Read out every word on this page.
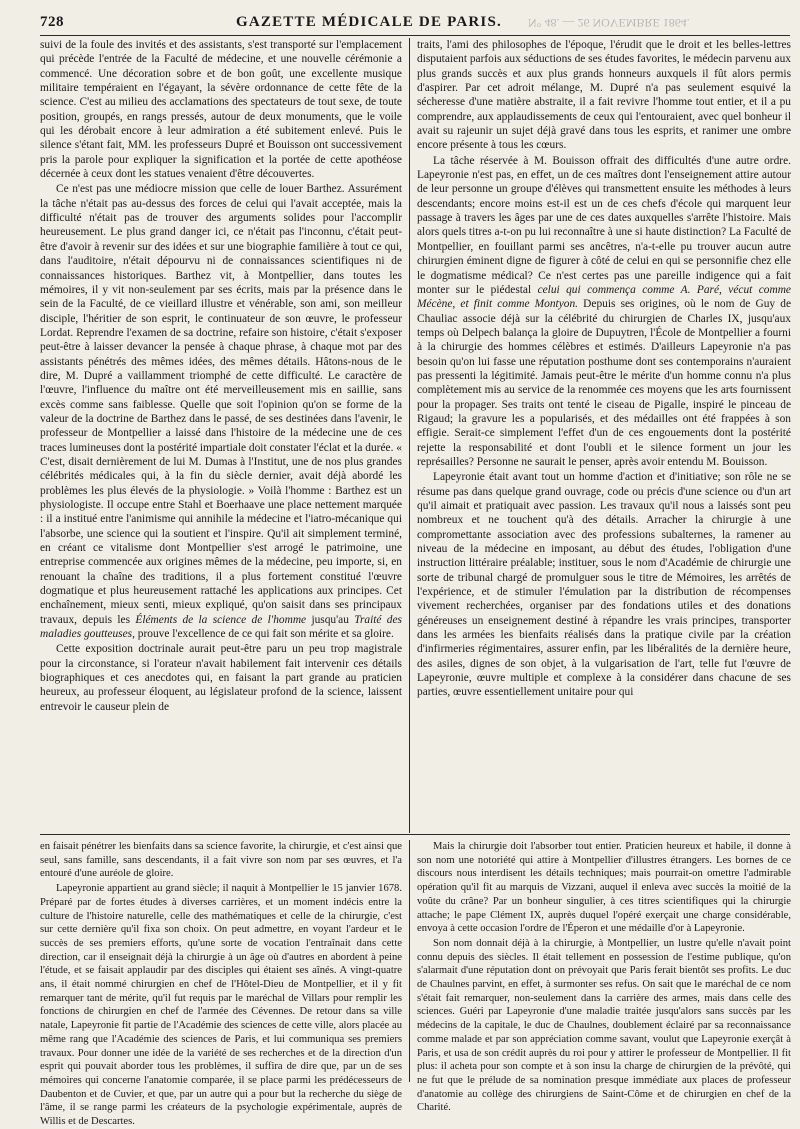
728	GAZETTE MÉDICALE DE PARIS. N° 48. — 26 NOVEMBRE 1864.

suivi de la foule des invités et des assistants, s'est transporté sur l'emplacement qui précède l'entrée de la Faculté de médecine, et une nouvelle cérémonie a commencé. Une décoration sobre et de bon goût, une excellente musique militaire tempéraient en l'égayant, la sévère ordonnance de cette fête de la science. C'est au milieu des acclamations des spectateurs de tout sexe, de toute position, groupés, en rangs pressés, autour de deux monuments, que le voile qui les dérobait encore à leur admiration a été subitement enlevé. Puis le silence s'étant fait, MM. les professeurs Dupré et Bouisson ont successivement pris la parole pour expliquer la signification et la portée de cette apothéose décernée à ceux dont les statues venaient d'être découvertes.

Ce n'est pas une médiocre mission que celle de louer Barthez. Assurément la tâche n'était pas au-dessus des forces de celui qui l'avait acceptée, mais la difficulté n'était pas de trouver des arguments solides pour l'accomplir heureusement. Le plus grand danger ici, ce n'était pas l'inconnu, c'était peut-être d'avoir à revenir sur des idées et sur une biographie familière à tout ce qui, dans l'auditoire, n'était dépourvu ni de connaissances scientifiques ni de connaissances historiques. Barthez vit, à Montpellier, dans toutes les mémoires, il y vit non-seulement par ses écrits, mais par la présence dans le sein de la Faculté, de ce vieillard illustre et vénérable, son ami, son meilleur disciple, l'héritier de son esprit, le continuateur de son œuvre, le professeur Lordat. Reprendre l'examen de sa doctrine, refaire son histoire, c'était s'exposer peut-être à laisser devancer la pensée à chaque phrase, à chaque mot par des assistants pénétrés des mêmes idées, des mêmes détails. Hâtons-nous de le dire, M. Dupré a vaillamment triomphé de cette difficulté. Le caractère de l'œuvre, l'influence du maître ont été merveilleusement mis en saillie, sans excès comme sans faiblesse. Quelle que soit l'opinion qu'on se forme de la valeur de la doctrine de Barthez dans le passé, de ses destinées dans l'avenir, le professeur de Montpellier a laissé dans l'histoire de la médecine une de ces traces lumineuses dont la postérité impartiale doit constater l'éclat et la durée. « C'est, disait dernièrement de lui M. Dumas à l'Institut, une de nos plus grandes célébrités médicales qui, à la fin du siècle dernier, avait déjà abordé les problèmes les plus élevés de la physiologie. » Voilà l'homme : Barthez est un physiologiste. Il occupe entre Stahl et Boerhaave une place nettement marquée : il a institué entre l'animisme qui annihile la médecine et l'iatro-mécanique qui l'absorbe, une science qui la soutient et l'inspire. Qu'il ait simplement terminé, en créant ce vitalisme dont Montpellier s'est arrogé le patrimoine, une entreprise commencée aux origines mêmes de la médecine, peu importe, si, en renouant la chaîne des traditions, il a plus fortement constitué l'œuvre dogmatique et plus heureusement rattaché les applications aux principes. Cet enchaînement, mieux senti, mieux expliqué, qu'on saisit dans ses principaux travaux, depuis les Éléments de la science de l'homme jusqu'au Traité des maladies goutteuses, prouve l'excellence de ce qui fait son mérite et sa gloire.

Cette exposition doctrinale aurait peut-être paru un peu trop magistrale pour la circonstance, si l'orateur n'avait habilement fait intervenir ces détails biographiques et ces anecdotes qui, en faisant la part grande au praticien heureux, au professeur éloquent, au législateur profond de la science, laissent entrevoir le causeur plein de

traits, l'ami des philosophes de l'époque, l'érudit que le droit et les belles-lettres disputaient parfois aux séductions de ses études favorites, le médecin parvenu aux plus grands succès et aux plus grands honneurs auxquels il fût alors permis d'aspirer. Par cet adroit mélange, M. Dupré n'a pas seulement esquivé la sécheresse d'une matière abstraite, il a fait revivre l'homme tout entier, et il a pu comprendre, aux applaudissements de ceux qui l'entouraient, avec quel bonheur il avait su rajeunir un sujet déjà gravé dans tous les esprits, et ranimer une ombre encore présente à tous les cœurs.

La tâche réservée à M. Bouisson offrait des difficultés d'une autre ordre. Lapeyronie n'est pas, en effet, un de ces maîtres dont l'enseignement attire autour de leur personne un groupe d'élèves qui transmettent ensuite les méthodes à leurs descendants; encore moins est-il est un de ces chefs d'école qui marquent leur passage à travers les âges par une de ces dates auxquelles s'arrête l'histoire. Mais alors quels titres a-t-on pu lui reconnaître à une si haute distinction? La Faculté de Montpellier, en fouillant parmi ses ancêtres, n'a-t-elle pu trouver aucun autre chirurgien éminent digne de figurer à côté de celui en qui se personnifie chez elle le dogmatisme médical? Ce n'est certes pas une pareille indigence qui a fait monter sur le piédestal celui qui commença comme A. Paré, vécut comme Mécène, et finit comme Montyon. Depuis ses origines, où le nom de Guy de Chauliac associe déjà sur la célébrité du chirurgien de Charles IX, jusqu'aux temps où Delpech balança la gloire de Dupuytren, l'École de Montpellier a fourni à la chirurgie des hommes célèbres et estimés. D'ailleurs Lapeyronie n'a pas besoin qu'on lui fasse une réputation posthume dont ses contemporains n'auraient pas pressenti la légitimité. Jamais peut-être le mérite d'un homme connu n'a plus complètement mis au service de la renommée ces moyens que les arts fournissent pour la propager. Ses traits ont tenté le ciseau de Pigalle, inspiré le pinceau de Rigaud; la gravure les a popularisés, et des médailles ont été frappées à son effigie. Serait-ce simplement l'effet d'un de ces engouements dont la postérité rejette la responsabilité et dont l'oubli et le silence forment un jour les représailles? Personne ne saurait le penser, après avoir entendu M. Bouisson.

Lapeyronie était avant tout un homme d'action et d'initiative; son rôle ne se résume pas dans quelque grand ouvrage, code ou précis d'une science ou d'un art qu'il aimait et pratiquait avec passion. Les travaux qu'il nous a laissés sont peu nombreux et ne touchent qu'à des détails. Arracher la chirurgie à une compromettante association avec des professions subalternes, la ramener au niveau de la médecine en imposant, au début des études, l'obligation d'une instruction littéraire préalable; instituer, sous le nom d'Académie de chirurgie une sorte de tribunal chargé de promulguer sous le titre de Mémoires, les arrêtés de l'expérience, et de stimuler l'émulation par la distribution de récompenses vivement recherchées, organiser par des fondations utiles et des donations généreuses un enseignement destiné à répandre les vrais principes, transporter dans les armées les bienfaits réalisés dans la pratique civile par la création d'infirmeries régimentaires, assurer enfin, par les libéralités de la dernière heure, des asiles, dignes de son objet, à la vulgarisation de l'art, telle fut l'œuvre de Lapeyronie, œuvre multiple et complexe à la considérer dans chacune de ses parties, œuvre essentiellement unitaire pour qui

en faisait pénétrer les bienfaits dans sa science favorite, la chirurgie, et c'est ainsi que seul, sans famille, sans descendants, il a fait vivre son nom par ses œuvres, et l'a entouré d'une auréole de gloire.

Lapeyronie appartient au grand siècle; il naquit à Montpellier le 15 janvier 1678. Préparé par de fortes études à diverses carrières, et un moment indécis entre la culture de l'histoire naturelle, celle des mathématiques et celle de la chirurgie, c'est sur cette dernière qu'il fixa son choix. On peut admettre, en voyant l'ardeur et le succès de ses premiers efforts, qu'une sorte de vocation l'entraînait dans cette direction, car il enseignait déjà la chirurgie à un âge où d'autres en abordent à peine l'étude, et se faisait applaudir par des disciples qui étaient ses aînés. A vingt-quatre ans, il était nommé chirurgien en chef de l'Hôtel-Dieu de Montpellier, et il y fit remarquer tant de mérite, qu'il fut requis par le maréchal de Villars pour remplir les fonctions de chirurgien en chef de l'armée des Cévennes. De retour dans sa ville natale, Lapeyronie fit partie de l'Académie des sciences de cette ville, alors placée au même rang que l'Académie des sciences de Paris, et lui communiqua ses premiers travaux. Pour donner une idée de la variété de ses recherches et de la direction d'un esprit qui pouvait aborder tous les problèmes, il suffira de dire que, par un de ses mémoires qui concerne l'anatomie comparée, il se place parmi les prédécesseurs de Daubenton et de Cuvier, et que, par un autre qui a pour but la recherche du siège de l'âme, il se range parmi les créateurs de la psychologie expérimentale, auprès de Willis et de Descartes.

Mais la chirurgie doit l'absorber tout entier. Praticien heureux et habile, il donne à son nom une notoriété qui attire à Montpellier d'illustres étrangers. Les bornes de ce discours nous interdisent les détails techniques; mais pourrait-on omettre l'admirable opération qu'il fit au marquis de Vizzani, auquel il enleva avec succès la moitié de la voûte du crâne? Par un bonheur singulier, à ces titres scientifiques qui la chirurgie attache; le pape Clément IX, auprès duquel l'opéré exerçait une charge considérable, envoya à cette occasion l'ordre de l'Éperon et une médaille d'or à Lapeyronie.

Son nom donnait déjà à la chirurgie, à Montpellier, un lustre qu'elle n'avait point connu depuis des siècles. Il était tellement en possession de l'estime publique, qu'on s'alarmait d'une réputation dont on prévoyait que Paris ferait bientôt ses profits. Le duc de Chaulnes parvint, en effet, à surmonter ses refus. On sait que le maréchal de ce nom s'était fait remarquer, non-seulement dans la carrière des armes, mais dans celle des sciences. Guéri par Lapeyronie d'une maladie traitée jusqu'alors sans succès par les médecins de la capitale, le duc de Chaulnes, doublement éclairé par sa reconnaissance comme malade et par son appréciation comme savant, voulut que Lapeyronie exerçât à Paris, et usa de son crédit auprès du roi pour y attirer le professeur de Montpellier. Il fit plus: il acheta pour son compte et à son insu la charge de chirurgien de la prévôté, qui ne fut que le prélude de sa nomination presque immédiate aux places de professeur d'anatomie au collège des chirurgiens de Saint-Côme et de chirurgien en chef de la Charité.
